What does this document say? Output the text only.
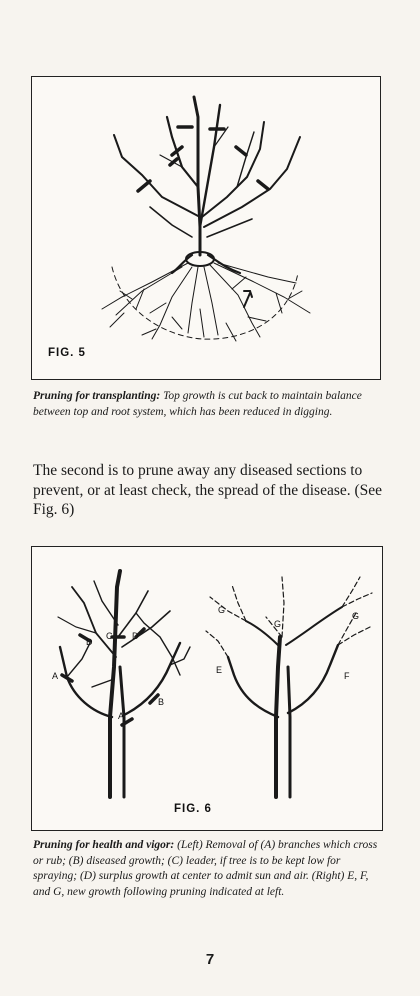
FIG. 5
Pruning for transplanting: Top growth is cut back to maintain balance between top and root system, which has been reduced in digging.
The second is to prune away any diseased sections to prevent, or at least check, the spread of the disease. (See Fig. 6)
A
A
B
C
D
D
E
F
G
G
G
FIG. 6
Pruning for health and vigor: (Left) Removal of (A) branches which cross or rub; (B) diseased growth; (C) leader, if tree is to be kept low for spraying; (D) surplus growth at center to admit sun and air. (Right) E, F, and G, new growth following pruning indicated at left.
7
